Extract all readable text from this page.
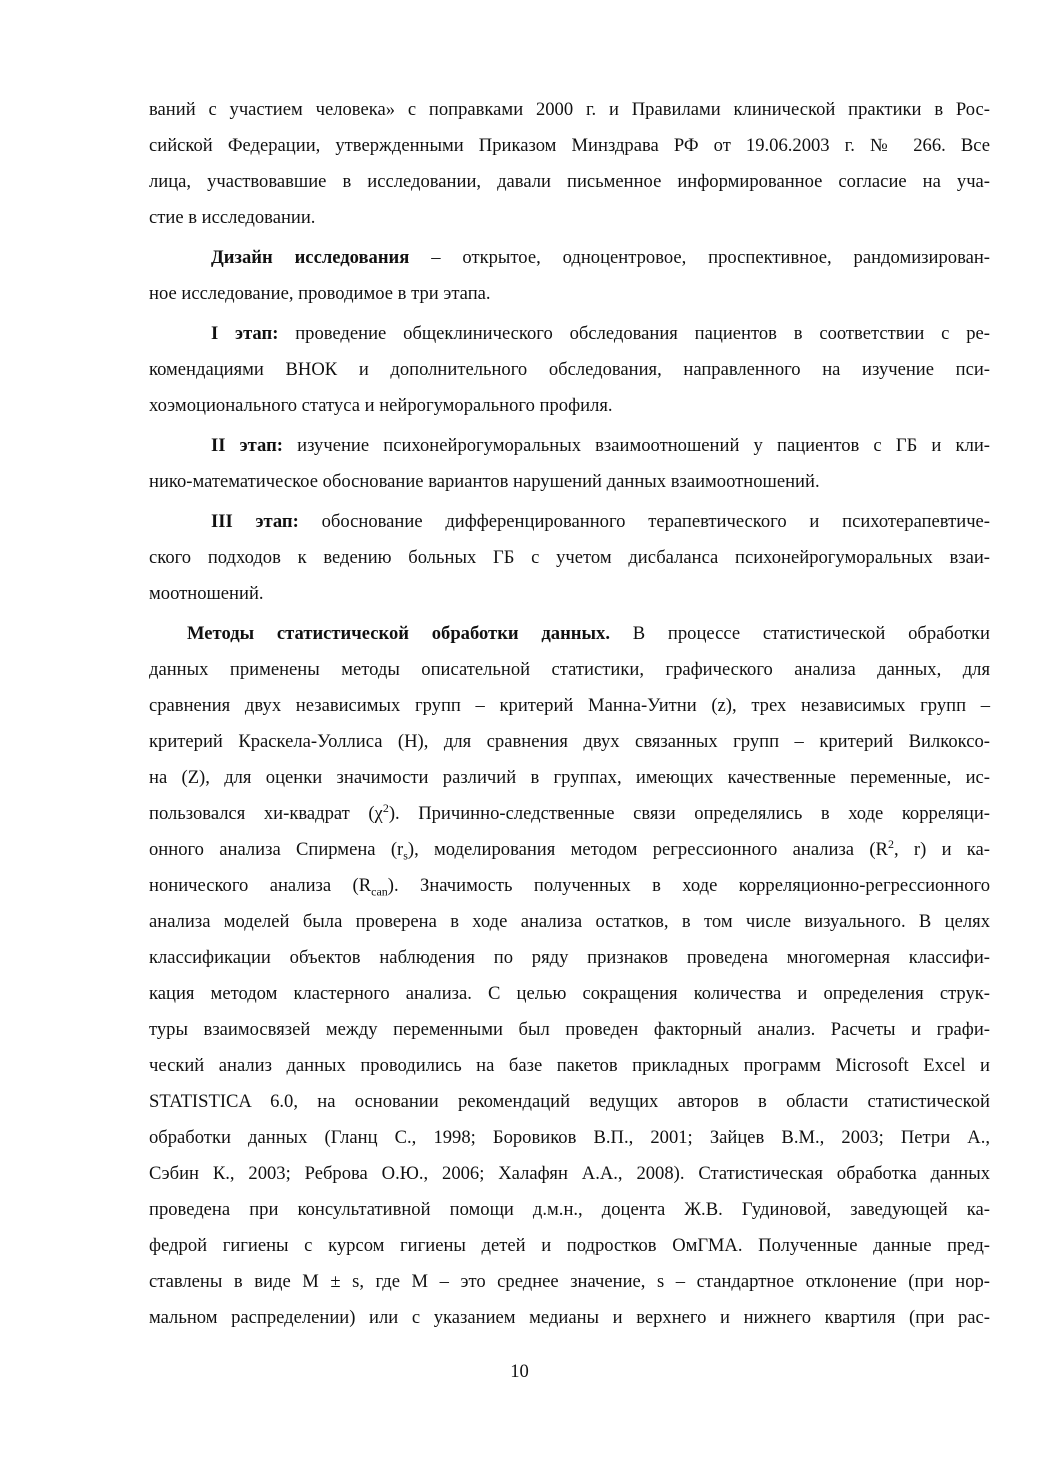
ваний с участием человека» с поправками 2000 г. и Правилами клинической практики в Рос-
сийской Федерации, утвержденными Приказом Минздрава РФ от 19.06.2003 г. № 266. Все
лица, участвовавшие в исследовании, давали письменное информированное согласие на уча-
стие в исследовании.
Дизайн исследования – открытое, одноцентровое, проспективное, рандомизирован-
ное исследование, проводимое в три этапа.
I этап: проведение общеклинического обследования пациентов в соответствии с ре-
комендациями ВНОК и дополнительного обследования, направленного на изучение пси-
хоэмоционального статуса и нейрогуморального профиля.
II этап: изучение психонейрогуморальных взаимоотношений у пациентов с ГБ и кли-
нико-математическое обоснование вариантов нарушений данных взаимоотношений.
III этап: обоснование дифференцированного терапевтического и психотерапевтиче-
ского подходов к ведению больных ГБ с учетом дисбаланса психонейрогуморальных взаи-
моотношений.
Методы статистической обработки данных. В процессе статистической обработки
данных применены методы описательной статистики, графического анализа данных, для
сравнения двух независимых групп – критерий Манна-Уитни (z), трех независимых групп –
критерий Краскела-Уоллиса (H), для сравнения двух связанных групп – критерий Вилкоксо-
на (Z), для оценки значимости различий в группах, имеющих качественные переменные, ис-
пользовался хи-квадрат $(\chi^2)$. Причинно-следственные связи определялись в ходе корреляци-
онного анализа Спирмена $(r_s)$, моделирования методом регрессионного анализа ($R^2$, r) и ка-
нонического анализа $(R_{can})$. Значимость полученных в ходе корреляционно-регрессионного
анализа моделей была проверена в ходе анализа остатков, в том числе визуального. В целях
классификации объектов наблюдения по ряду признаков проведена многомерная классифи-
кация методом кластерного анализа. С целью сокращения количества и определения струк-
туры взаимосвязей между переменными был проведен факторный анализ. Расчеты и графи-
ческий анализ данных проводились на базе пакетов прикладных программ Microsoft Excel и
STATISTICA 6.0, на основании рекомендаций ведущих авторов в области статистической
обработки данных (Гланц С., 1998; Боровиков В.П., 2001; Зайцев В.М., 2003; Петри А.,
Сэбин К., 2003; Реброва О.Ю., 2006; Халафян А.А., 2008). Статистическая обработка данных
проведена при консультативной помощи д.м.н., доцента Ж.В. Гудиновой, заведующей ка-
федрой гигиены с курсом гигиены детей и подростков ОмГМА. Полученные данные пред-
ставлены в виде M ± s, где M – это среднее значение, s – стандартное отклонение (при нор-
мальном распределении) или с указанием медианы и верхнего и нижнего квартиля (при рас-
10
